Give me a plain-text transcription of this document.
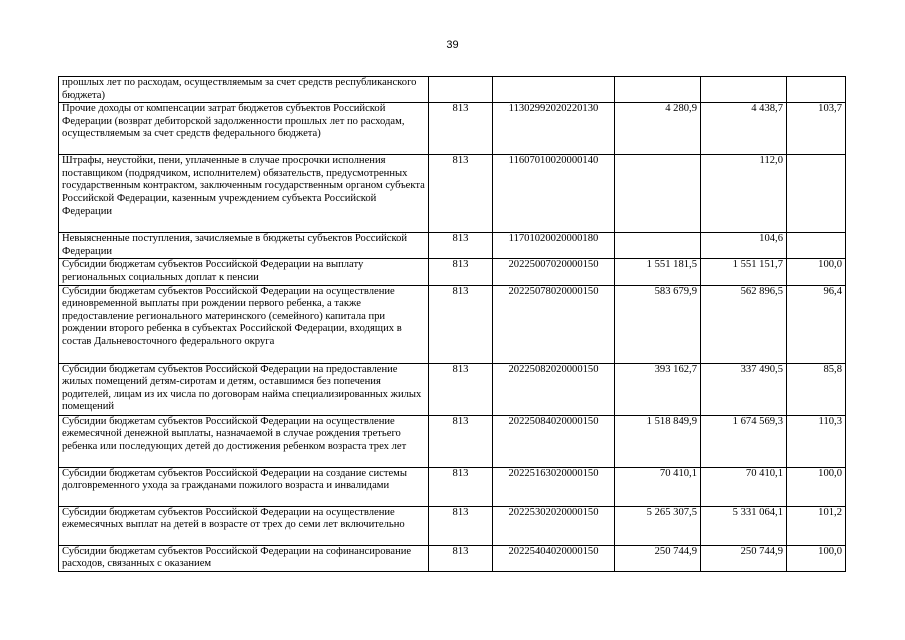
39
прошлых лет по расходам, осуществляемым за счет средств республиканского бюджета)					
Прочие доходы от компенсации затрат бюджетов субъектов Российской Федерации (возврат дебиторской задолженности прошлых лет по расходам, осуществляемым за счет средств федерального бюджета)	813	11302992020220130	4 280,9	4 438,7	103,7
Штрафы, неустойки, пени, уплаченные в случае просрочки исполнения поставщиком (подрядчиком, исполнителем) обязательств, предусмотренных государственным контрактом, заключенным государственным органом субъекта Российской Федерации, казенным учреждением субъекта Российской Федерации	813	11607010020000140		112,0	
Невыясненные поступления, зачисляемые в бюджеты субъектов Российской Федерации	813	11701020020000180		104,6	
Субсидии бюджетам субъектов Российской Федерации на выплату региональных социальных доплат к пенсии	813	20225007020000150	1 551 181,5	1 551 151,7	100,0
Субсидии бюджетам субъектов Российской Федерации на осуществление единовременной выплаты при рождении первого ребенка, а также предоставление регионального материнского (семейного) капитала при рождении второго ребенка в субъектах Российской Федерации, входящих в состав Дальневосточного федерального округа	813	20225078020000150	583 679,9	562 896,5	96,4
Субсидии бюджетам субъектов Российской Федерации на предоставление жилых помещений детям-сиротам и детям, оставшимся без попечения родителей, лицам из их числа по договорам найма специализированных жилых помещений	813	20225082020000150	393 162,7	337 490,5	85,8
Субсидии бюджетам субъектов Российской Федерации на осуществление ежемесячной денежной выплаты, назначаемой в случае рождения третьего ребенка или последующих детей до достижения ребенком возраста трех лет	813	20225084020000150	1 518 849,9	1 674 569,3	110,3
Субсидии бюджетам субъектов Российской Федерации на создание системы долговременного ухода за гражданами пожилого возраста и инвалидами	813	20225163020000150	70 410,1	70 410,1	100,0
Субсидии бюджетам субъектов Российской Федерации на осуществление ежемесячных выплат на детей в возрасте от трех до семи лет включительно	813	20225302020000150	5 265 307,5	5 331 064,1	101,2
Субсидии бюджетам субъектов Российской Федерации на софинансирование расходов, связанных с оказанием	813	20225404020000150	250 744,9	250 744,9	100,0
